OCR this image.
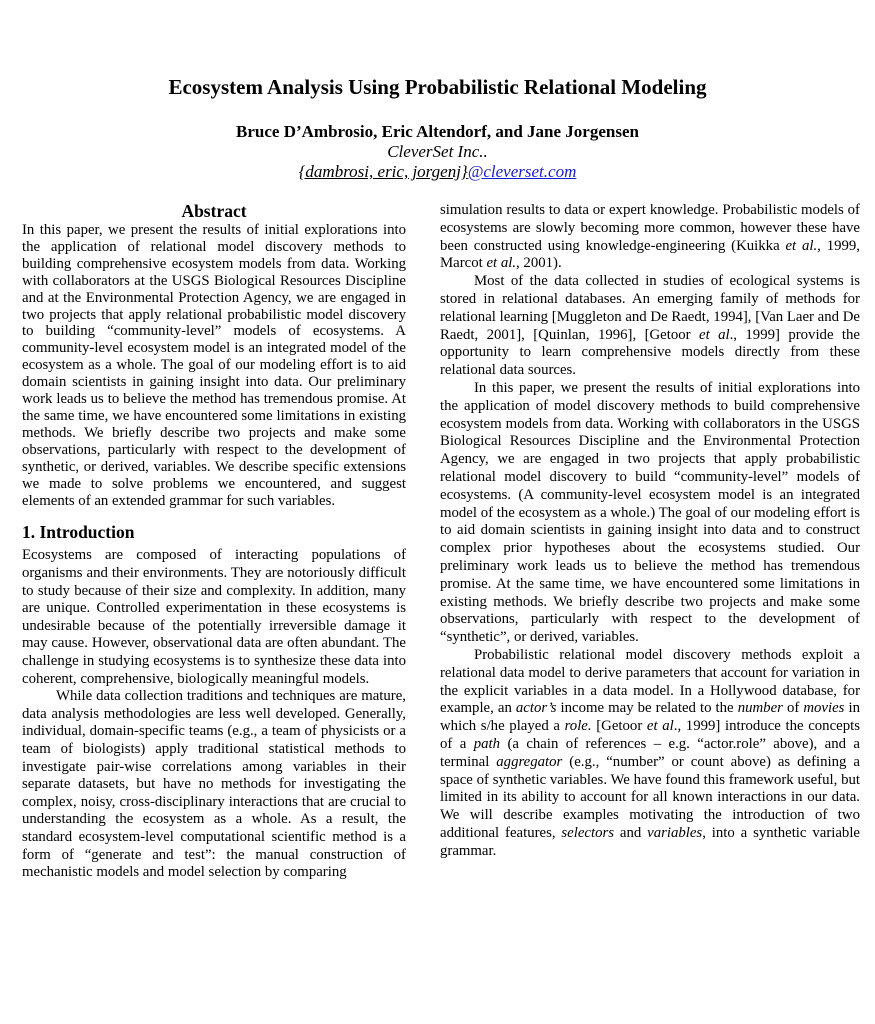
Ecosystem Analysis Using Probabilistic Relational Modeling
Bruce D’Ambrosio, Eric Altendorf, and Jane Jorgensen
CleverSet Inc..
{dambrosi, eric, jorgenj}@cleverset.com
Abstract

In this paper, we present the results of initial explorations into the application of relational model discovery methods to building comprehensive ecosystem models from data. Working with collaborators at the USGS Biological Resources Discipline and at the Environmental Protection Agency, we are engaged in two projects that apply relational probabilistic model discovery to building “community-level” models of ecosystems. A community-level ecosystem model is an integrated model of the ecosystem as a whole. The goal of our modeling effort is to aid domain scientists in gaining insight into data. Our preliminary work leads us to believe the method has tremendous promise. At the same time, we have encountered some limitations in existing methods. We briefly describe two projects and make some observations, particularly with respect to the development of synthetic, or derived, variables. We describe specific extensions we made to solve problems we encountered, and suggest elements of an extended grammar for such variables.

1. Introduction

Ecosystems are composed of interacting populations of organisms and their environments. They are notoriously difficult to study because of their size and complexity. In addition, many are unique. Controlled experimentation in these ecosystems is undesirable because of the potentially irreversible damage it may cause. However, observational data are often abundant. The challenge in studying ecosystems is to synthesize these data into coherent, comprehensive, biologically meaningful models.

While data collection traditions and techniques are mature, data analysis methodologies are less well developed. Generally, individual, domain-specific teams (e.g., a team of physicists or a team of biologists) apply traditional statistical methods to investigate pair-wise correlations among variables in their separate datasets, but have no methods for investigating the complex, noisy, cross-disciplinary interactions that are crucial to understanding the ecosystem as a whole. As a result, the standard ecosystem-level computational scientific method is a form of “generate and test”: the manual construction of mechanistic models and model selection by comparing

simulation results to data or expert knowledge. Probabilistic models of ecosystems are slowly becoming more common, however these have been constructed using knowledge-engineering (Kuikka et al., 1999, Marcot et al., 2001).

Most of the data collected in studies of ecological systems is stored in relational databases. An emerging family of methods for relational learning [Muggleton and De Raedt, 1994], [Van Laer and De Raedt, 2001], [Quinlan, 1996], [Getoor et al., 1999] provide the opportunity to learn comprehensive models directly from these relational data sources.

In this paper, we present the results of initial explorations into the application of model discovery methods to build comprehensive ecosystem models from data. Working with collaborators in the USGS Biological Resources Discipline and the Environmental Protection Agency, we are engaged in two projects that apply probabilistic relational model discovery to build “community-level” models of ecosystems. (A community-level ecosystem model is an integrated model of the ecosystem as a whole.) The goal of our modeling effort is to aid domain scientists in gaining insight into data and to construct complex prior hypotheses about the ecosystems studied. Our preliminary work leads us to believe the method has tremendous promise. At the same time, we have encountered some limitations in existing methods. We briefly describe two projects and make some observations, particularly with respect to the development of “synthetic”, or derived, variables.

Probabilistic relational model discovery methods exploit a relational data model to derive parameters that account for variation in the explicit variables in a data model. In a Hollywood database, for example, an actor’s income may be related to the number of movies in which s/he played a role. [Getoor et al., 1999] introduce the concepts of a path (a chain of references – e.g. “actor.role” above), and a terminal aggregator (e.g., “number” or count above) as defining a space of synthetic variables. We have found this framework useful, but limited in its ability to account for all known interactions in our data. We will describe examples motivating the introduction of two additional features, selectors and variables, into a synthetic variable grammar.
